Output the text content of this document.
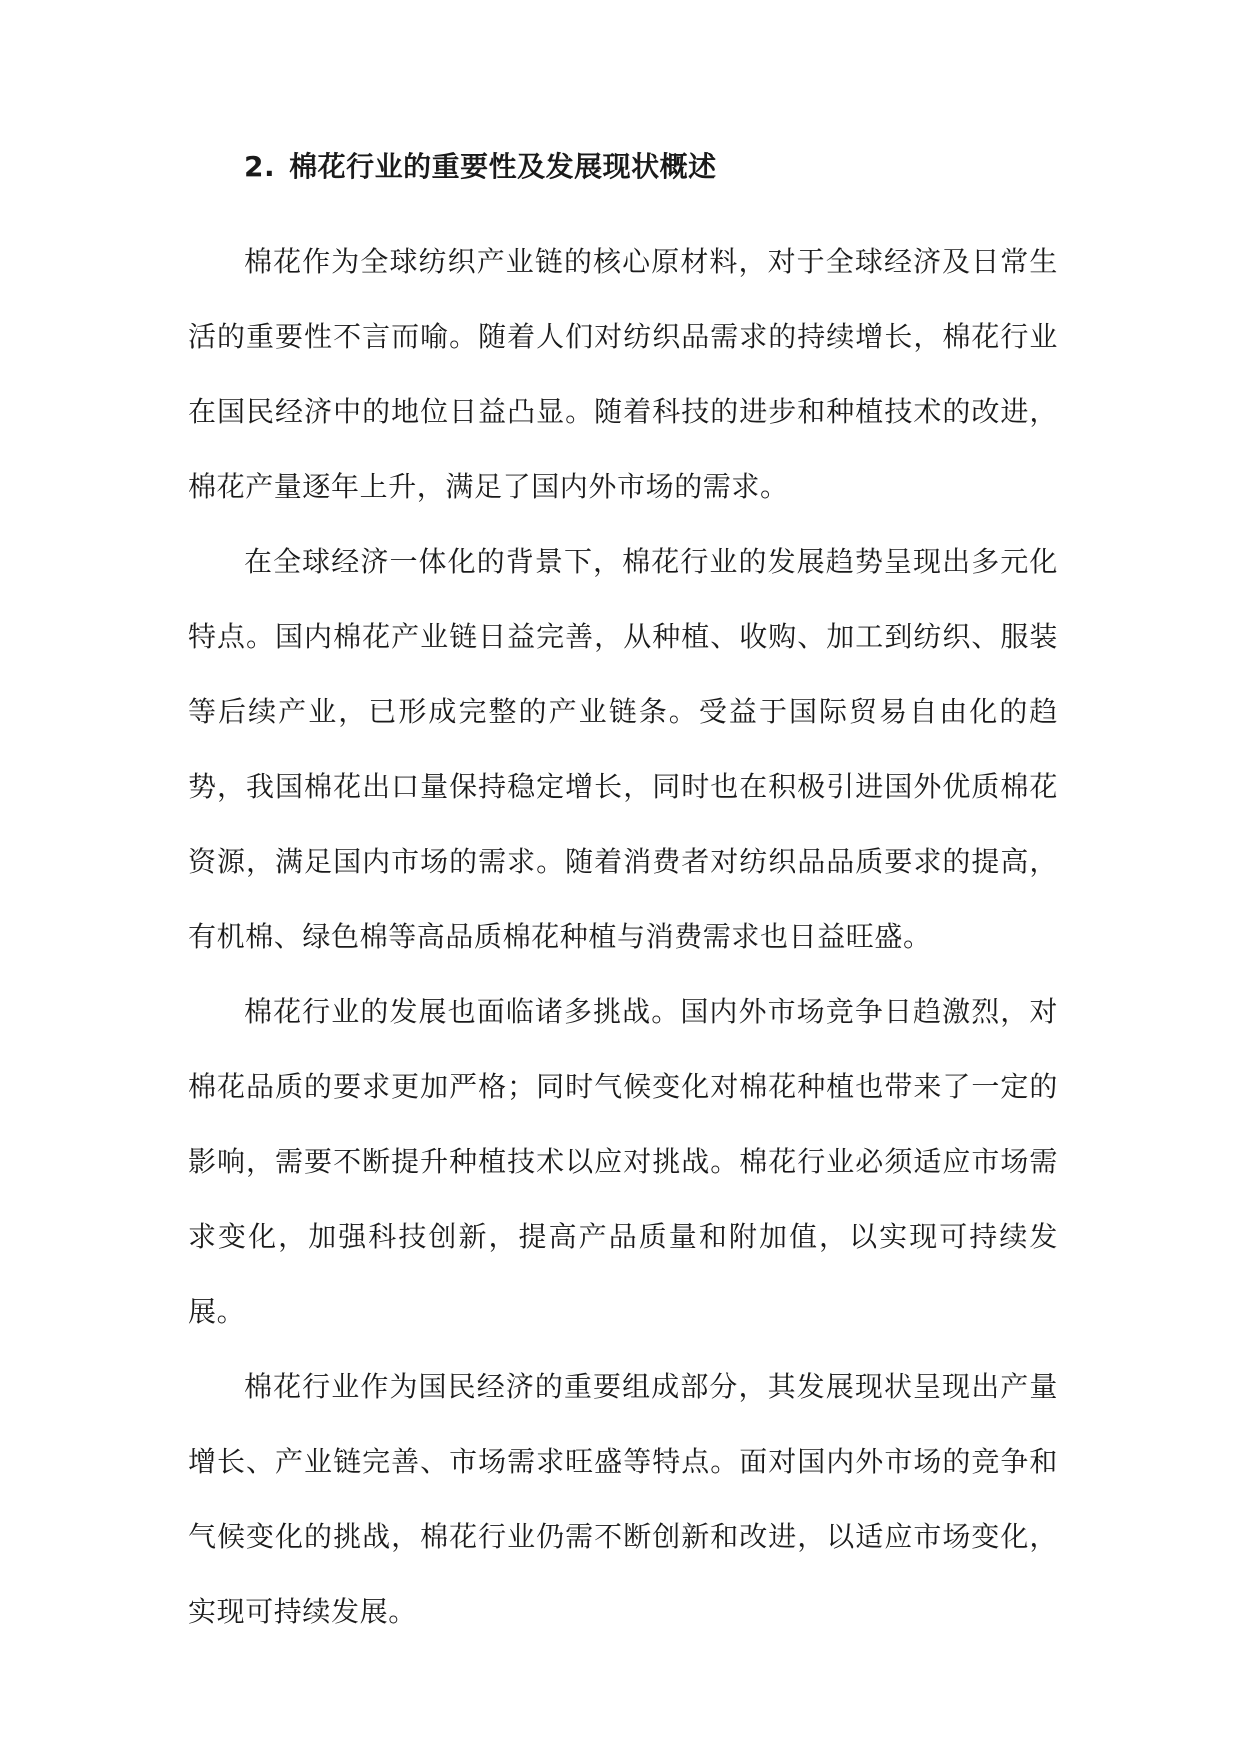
2. 棉花行业的重要性及发展现状概述

棉花作为全球纺织产业链的核心原材料，对于全球经济及日常生活的重要性不言而喻。随着人们对纺织品需求的持续增长，棉花行业在国民经济中的地位日益凸显。随着科技的进步和种植技术的改进，棉花产量逐年上升，满足了国内外市场的需求。

在全球经济一体化的背景下，棉花行业的发展趋势呈现出多元化特点。国内棉花产业链日益完善，从种植、收购、加工到纺织、服装等后续产业，已形成完整的产业链条。受益于国际贸易自由化的趋势，我国棉花出口量保持稳定增长，同时也在积极引进国外优质棉花资源，满足国内市场的需求。随着消费者对纺织品品质要求的提高，有机棉、绿色棉等高品质棉花种植与消费需求也日益旺盛。

棉花行业的发展也面临诸多挑战。国内外市场竞争日趋激烈，对棉花品质的要求更加严格；同时气候变化对棉花种植也带来了一定的影响，需要不断提升种植技术以应对挑战。棉花行业必须适应市场需求变化，加强科技创新，提高产品质量和附加值，以实现可持续发展。

棉花行业作为国民经济的重要组成部分，其发展现状呈现出产量增长、产业链完善、市场需求旺盛等特点。面对国内外市场的竞争和气候变化的挑战，棉花行业仍需不断创新和改进，以适应市场变化，实现可持续发展。
